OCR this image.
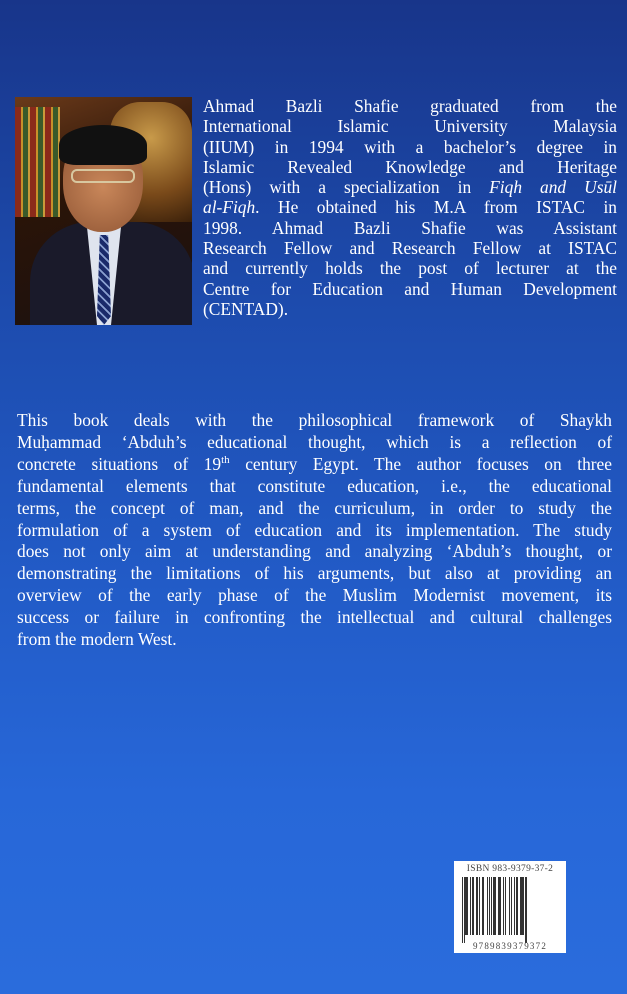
Ahmad Bazli Shafie graduated from the
International Islamic University Malaysia
(IIUM) in 1994 with a bachelor’s degree in
Islamic Revealed Knowledge and Heritage
(Hons) with a specialization in Fiqh and Usūl
al-Fiqh. He obtained his M.A from ISTAC in
1998. Ahmad Bazli Shafie was Assistant
Research Fellow and Research Fellow at ISTAC
and currently holds the post of lecturer at the
Centre for Education and Human Development
(CENTAD).
This book deals with the philosophical framework of Shaykh
Muḥammad ‘Abduh’s educational thought, which is a reflection of
concrete situations of 19th century Egypt. The author focuses on three
fundamental elements that constitute education, i.e., the educational
terms, the concept of man, and the curriculum, in order to study the
formulation of a system of education and its implementation. The study
does not only aim at understanding and analyzing ‘Abduh’s thought, or
demonstrating the limitations of his arguments, but also at providing an
overview of the early phase of the Muslim Modernist movement, its
success or failure in confronting the intellectual and cultural challenges
from the modern West.
ISBN 983-9379-37-2
9789839379372
